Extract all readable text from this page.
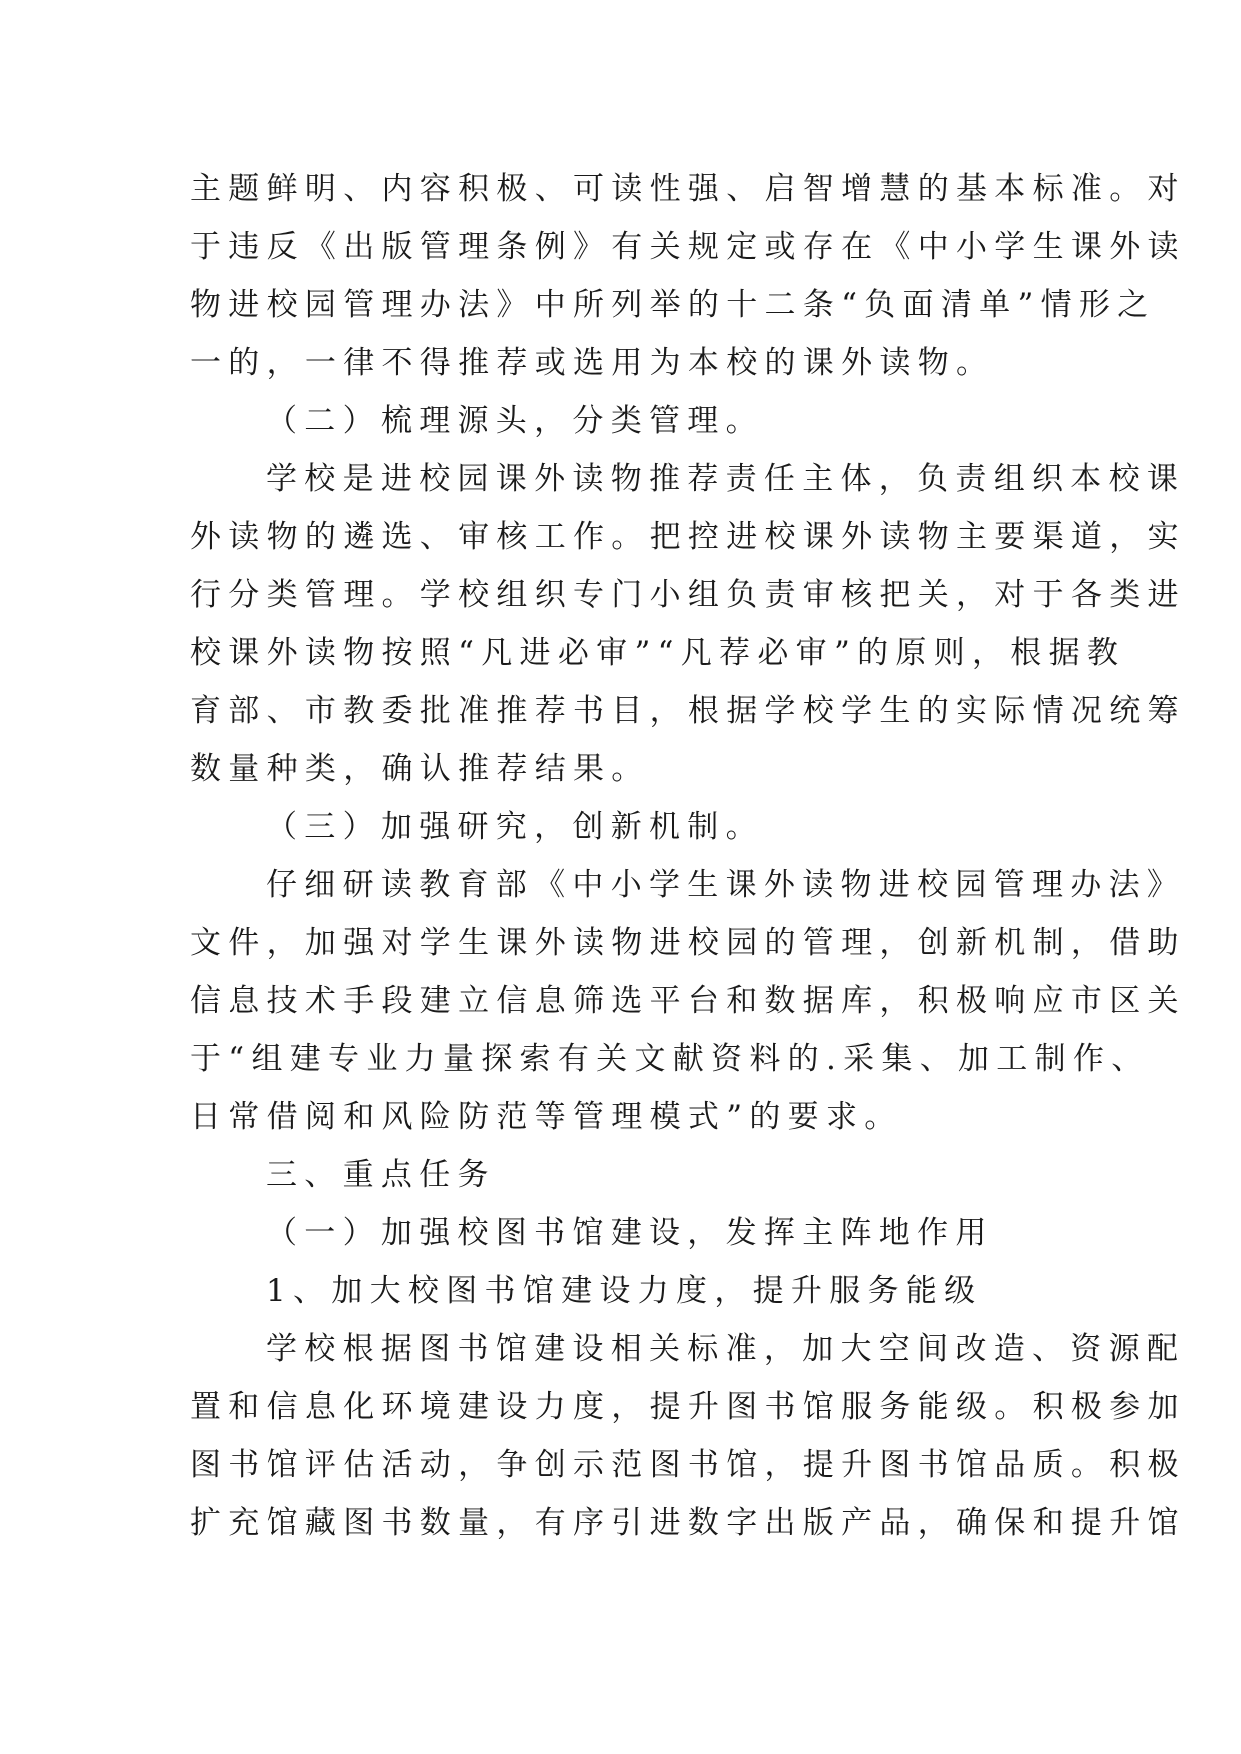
主题鲜明、内容积极、可读性强、启智增慧的基本标准。对
于违反《出版管理条例》有关规定或存在《中小学生课外读
物进校园管理办法》中所列举的十二条“负面清单”情形之
一的，一律不得推荐或选用为本校的课外读物。
（二）梳理源头，分类管理。
学校是进校园课外读物推荐责任主体，负责组织本校课
外读物的遴选、审核工作。把控进校课外读物主要渠道，实
行分类管理。学校组织专门小组负责审核把关，对于各类进
校课外读物按照“凡进必审”“凡荐必审”的原则，根据教
育部、市教委批准推荐书目，根据学校学生的实际情况统筹
数量种类，确认推荐结果。
（三）加强研究，创新机制。
仔细研读教育部《中小学生课外读物进校园管理办法》
文件，加强对学生课外读物进校园的管理，创新机制，借助
信息技术手段建立信息筛选平台和数据库，积极响应市区关
于“组建专业力量探索有关文献资料的.采集、加工制作、
日常借阅和风险防范等管理模式”的要求。
三、重点任务
（一）加强校图书馆建设，发挥主阵地作用
1、加大校图书馆建设力度，提升服务能级
学校根据图书馆建设相关标准，加大空间改造、资源配
置和信息化环境建设力度，提升图书馆服务能级。积极参加
图书馆评估活动，争创示范图书馆，提升图书馆品质。积极
扩充馆藏图书数量，有序引进数字出版产品，确保和提升馆
